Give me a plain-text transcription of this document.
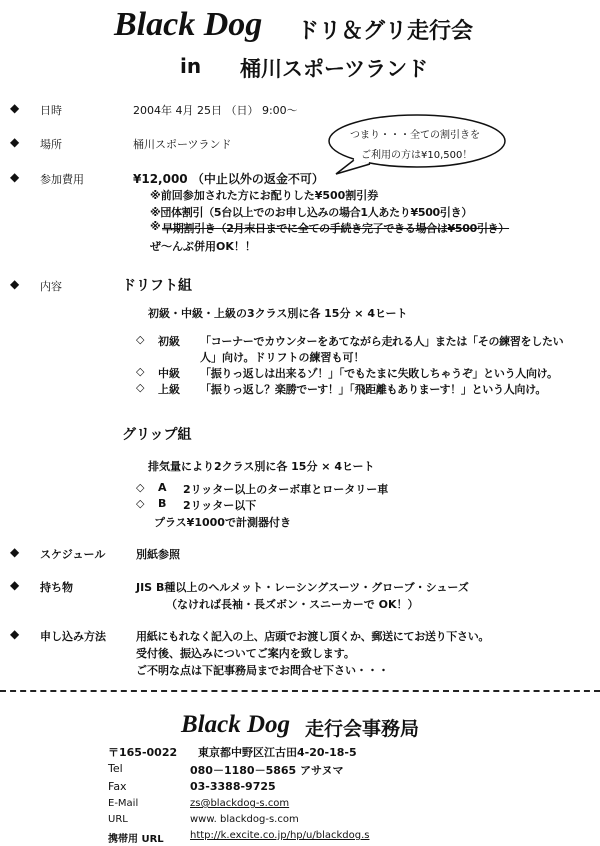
Black Dog ドリ＆グリ走行会
in 桶川スポーツランド
つまり・・・全ての割引きを
ご利用の方は¥10,500！
◆ 日時	2004年 4月 25日 （日） 9:00～
◆ 場所	桶川スポーツランド
◆ 参加費用	¥12,000 （中止以外の返金不可）
※前回参加された方にお配りした¥500割引券
※団体割引（5台以上でのお申し込みの場合1人あたり¥500引き）
※ 早期割引き（2月末日までに全ての手続き完了できる場合は¥500引き）
ぜ～んぶ併用OK！！
◆ 内容	ドリフト組
初級・中級・上級の3クラス別に各 15分 × 4ヒート
◇ 初級 「コーナーでカウンターをあてながら走れる人」または「その練習をしたい
人」向け。ドリフトの練習も可！
◇ 中級 「振りっ返しは出来るゾ！」「でもたまに失敗しちゃうぞ」という人向け。
◇ 上級 「振りっ返し？楽勝でーす！」「飛距離もありまーす！」という人向け。
グリップ組
排気量により2クラス別に各 15分 × 4ヒート
◇ A 2リッター以上のターボ車とロータリー車
◇ B 2リッター以下
プラス¥1000で計測器付き
◆ スケジュール	別紙参照
◆ 持ち物	JIS B種以上のヘルメット・レーシングスーツ・グローブ・シューズ
（なければ長袖・長ズボン・スニーカーで OK！）
◆ 申し込み方法	用紙にもれなく記入の上、店頭でお渡し頂くか、郵送にてお送り下さい。
受付後、振込みについてご案内を致します。
ご不明な点は下記事務局までお問合せ下さい・・・
Black Dog 走行会事務局
〒165-0022 東京都中野区江古田4-20-18-5
Tel	080－1180－5865 アサヌマ
Fax	03-3388-9725
E-Mail	zs@blackdog-s.com
URL	www. blackdog-s.com
携帯用 URL	http://k.excite.co.jp/hp/u/blackdog.s
